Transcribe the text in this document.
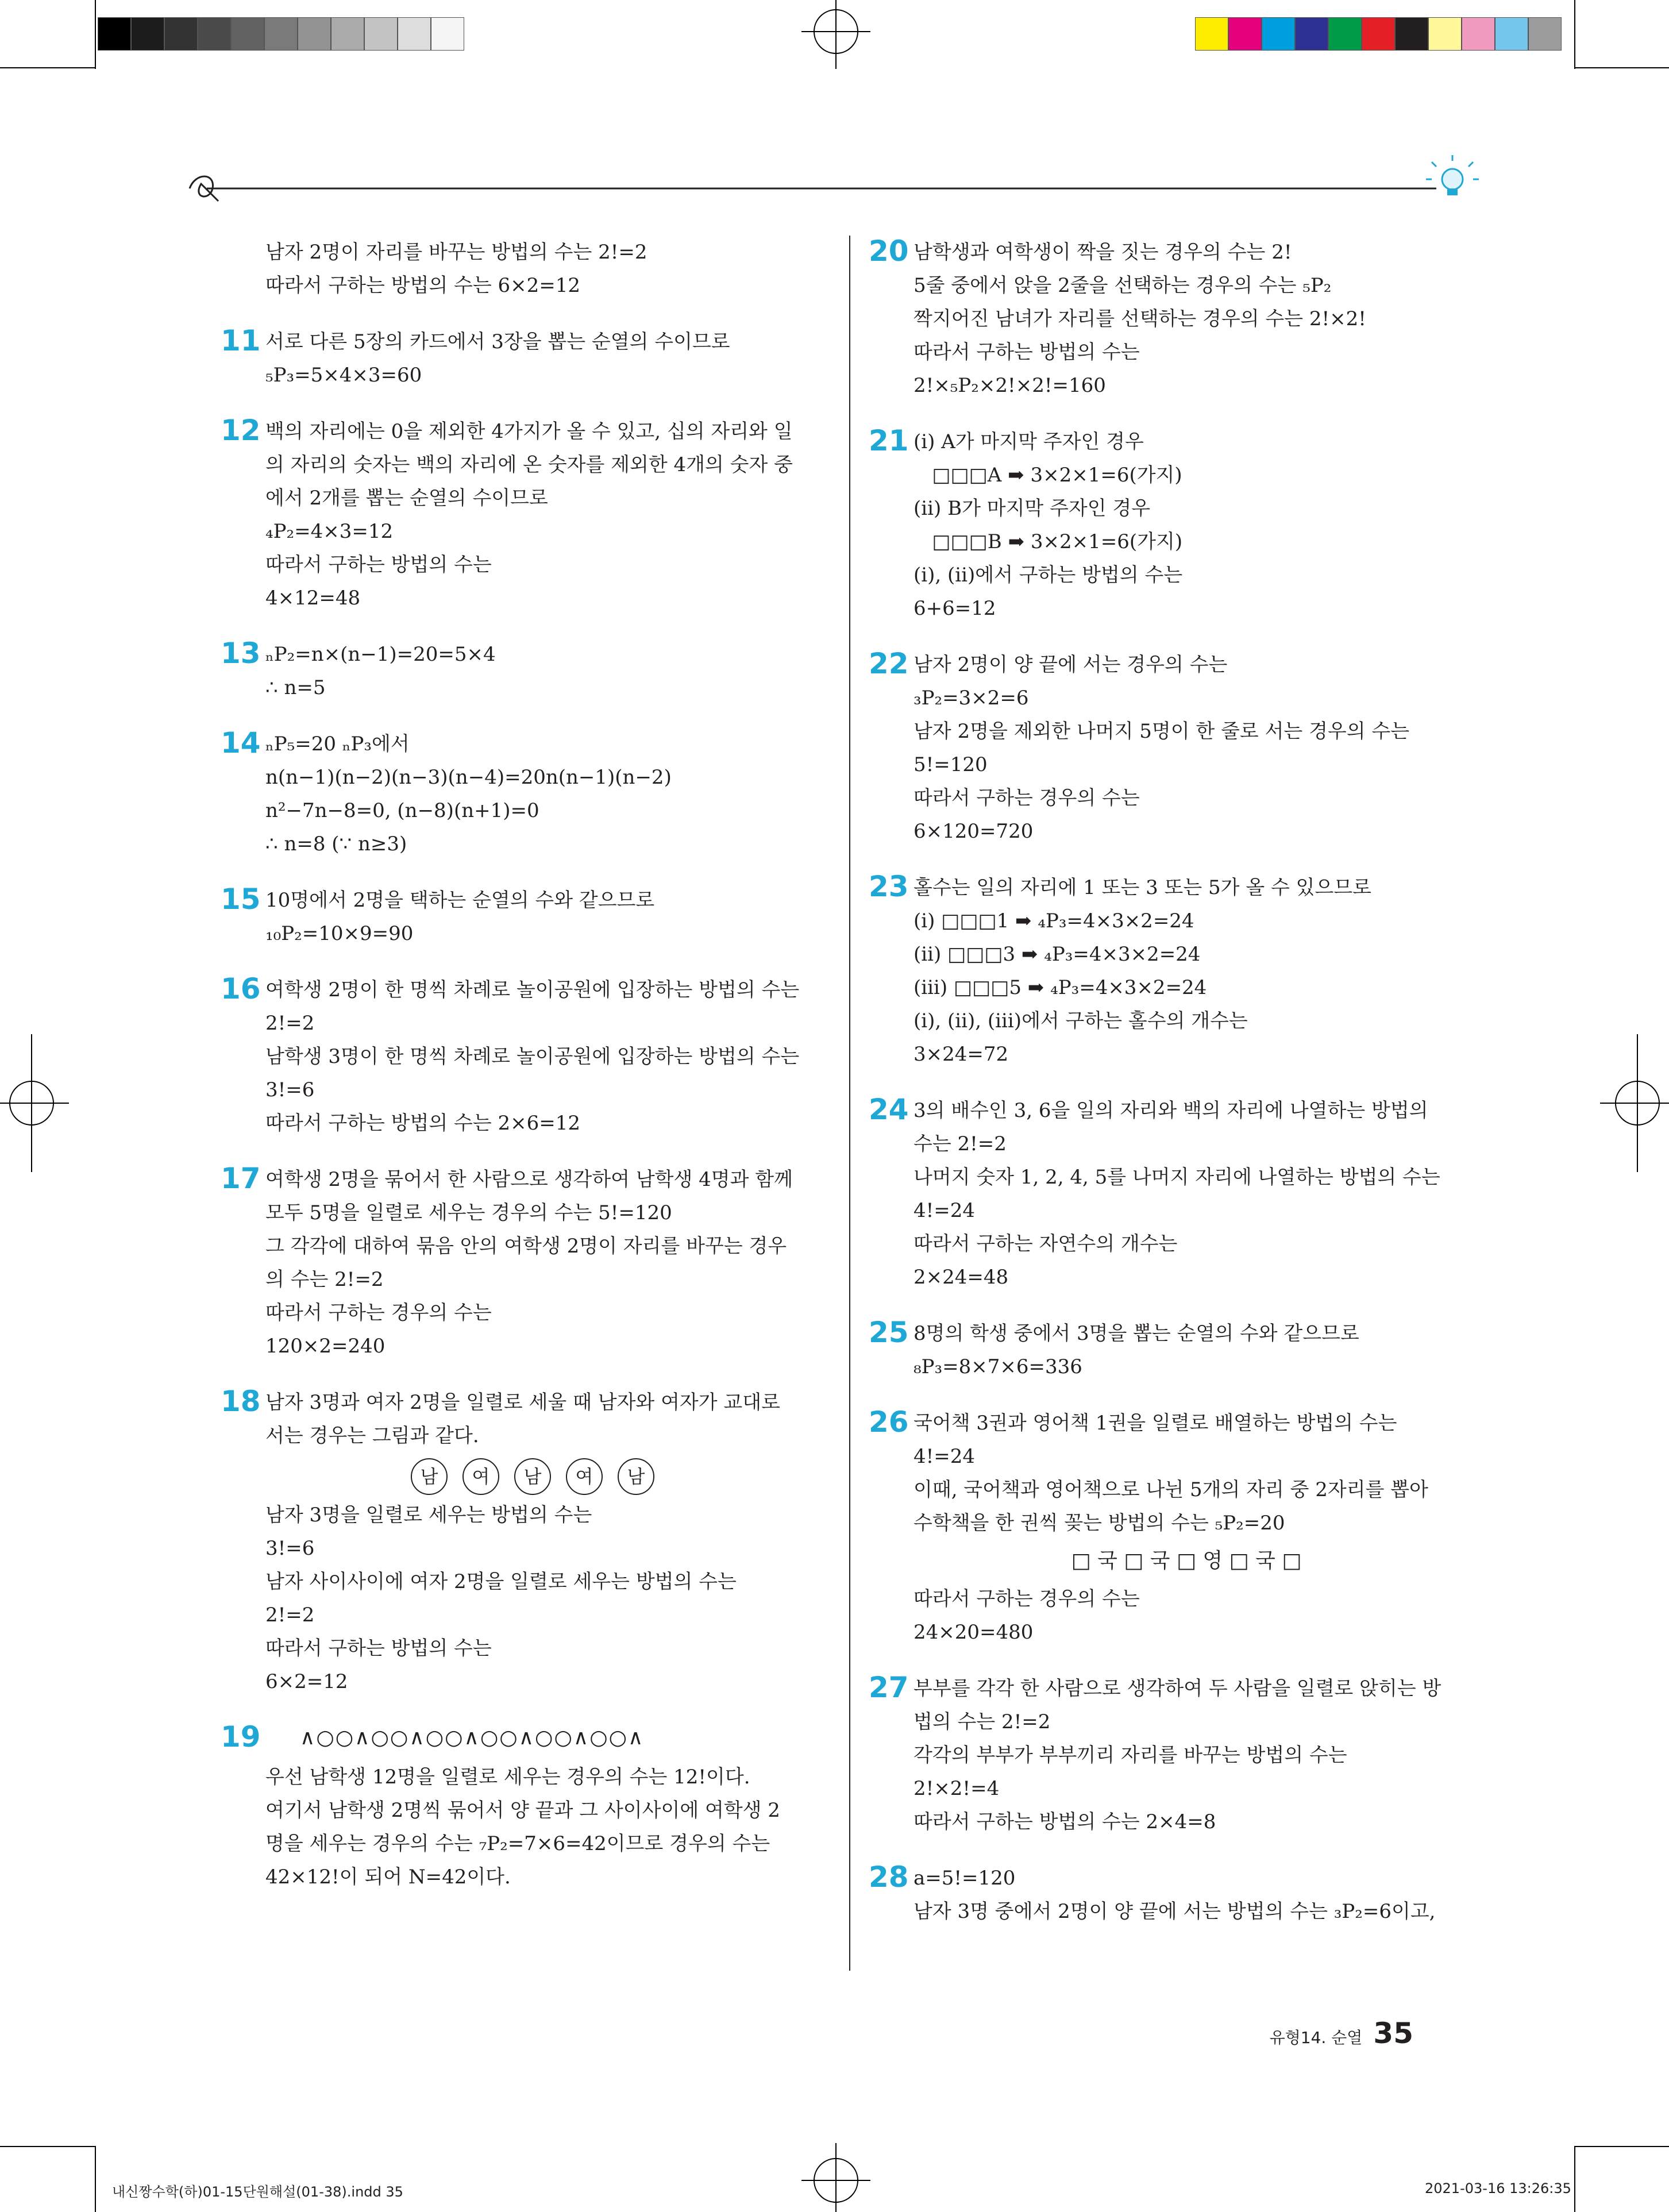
남자 2명이 자리를 바꾸는 방법의 수는 2!=2
따라서 구하는 방법의 수는 6×2=12
11 서로 다른 5장의 카드에서 3장을 뽑는 순열의 수이므로
₅P₃=5×4×3=60
12 백의 자리에는 0을 제외한 4가지가 올 수 있고, 십의 자리와 일
의 자리의 숫자는 백의 자리에 온 숫자를 제외한 4개의 숫자 중
에서 2개를 뽑는 순열의 수이므로
₄P₂=4×3=12
따라서 구하는 방법의 수는
4×12=48
13 ₙP₂=n×(n−1)=20=5×4
∴ n=5
14 ₙP₅=20 ₙP₃에서
n(n−1)(n−2)(n−3)(n−4)=20n(n−1)(n−2)
n²−7n−8=0, (n−8)(n+1)=0
∴ n=8 (∵ n≥3)
15 10명에서 2명을 택하는 순열의 수와 같으므로
₁₀P₂=10×9=90
16 여학생 2명이 한 명씩 차례로 놀이공원에 입장하는 방법의 수는
2!=2
남학생 3명이 한 명씩 차례로 놀이공원에 입장하는 방법의 수는
3!=6
따라서 구하는 방법의 수는 2×6=12
17 여학생 2명을 묶어서 한 사람으로 생각하여 남학생 4명과 함께
모두 5명을 일렬로 세우는 경우의 수는 5!=120
그 각각에 대하여 묶음 안의 여학생 2명이 자리를 바꾸는 경우
의 수는 2!=2
따라서 구하는 경우의 수는
120×2=240
18 남자 3명과 여자 2명을 일렬로 세울 때 남자와 여자가 교대로
서는 경우는 그림과 같다.
남	여	남	여	남
남자 3명을 일렬로 세우는 방법의 수는
3!=6
남자 사이사이에 여자 2명을 일렬로 세우는 방법의 수는
2!=2
따라서 구하는 방법의 수는
6×2=12
19	∧○○∧○○∧○○∧○○∧○○∧○○∧
우선 남학생 12명을 일렬로 세우는 경우의 수는 12!이다.
여기서 남학생 2명씩 묶어서 양 끝과 그 사이사이에 여학생 2
명을 세우는 경우의 수는 ₇P₂=7×6=42이므로 경우의 수는
42×12!이 되어 N=42이다.
20 남학생과 여학생이 짝을 짓는 경우의 수는 2!
5줄 중에서 앉을 2줄을 선택하는 경우의 수는 ₅P₂
짝지어진 남녀가 자리를 선택하는 경우의 수는 2!×2!
따라서 구하는 방법의 수는
2!×₅P₂×2!×2!=160
21 (ⅰ) A가 마지막 주자인 경우
□□□A ➡ 3×2×1=6(가지)
(ⅱ) B가 마지막 주자인 경우
□□□B ➡ 3×2×1=6(가지)
(ⅰ), (ⅱ)에서 구하는 방법의 수는
6+6=12
22 남자 2명이 양 끝에 서는 경우의 수는
₃P₂=3×2=6
남자 2명을 제외한 나머지 5명이 한 줄로 서는 경우의 수는
5!=120
따라서 구하는 경우의 수는
6×120=720
23 홀수는 일의 자리에 1 또는 3 또는 5가 올 수 있으므로
(ⅰ) □□□1 ➡ ₄P₃=4×3×2=24
(ⅱ) □□□3 ➡ ₄P₃=4×3×2=24
(ⅲ) □□□5 ➡ ₄P₃=4×3×2=24
(ⅰ), (ⅱ), (ⅲ)에서 구하는 홀수의 개수는
3×24=72
24 3의 배수인 3, 6을 일의 자리와 백의 자리에 나열하는 방법의
수는 2!=2
나머지 숫자 1, 2, 4, 5를 나머지 자리에 나열하는 방법의 수는
4!=24
따라서 구하는 자연수의 개수는
2×24=48
25 8명의 학생 중에서 3명을 뽑는 순열의 수와 같으므로
₈P₃=8×7×6=336
26 국어책 3권과 영어책 1권을 일렬로 배열하는 방법의 수는
4!=24
이때, 국어책과 영어책으로 나뉜 5개의 자리 중 2자리를 뽑아
수학책을 한 권씩 꽂는 방법의 수는 ₅P₂=20
□ 국 □ 국 □ 영 □ 국 □
따라서 구하는 경우의 수는
24×20=480
27 부부를 각각 한 사람으로 생각하여 두 사람을 일렬로 앉히는 방
법의 수는 2!=2
각각의 부부가 부부끼리 자리를 바꾸는 방법의 수는
2!×2!=4
따라서 구하는 방법의 수는 2×4=8
28 a=5!=120
남자 3명 중에서 2명이 양 끝에 서는 방법의 수는 ₃P₂=6이고,
유형14. 순열 35
내신짱수학(하)01-15단원해설(01-38).indd 35	2021-03-16 13:26:35
